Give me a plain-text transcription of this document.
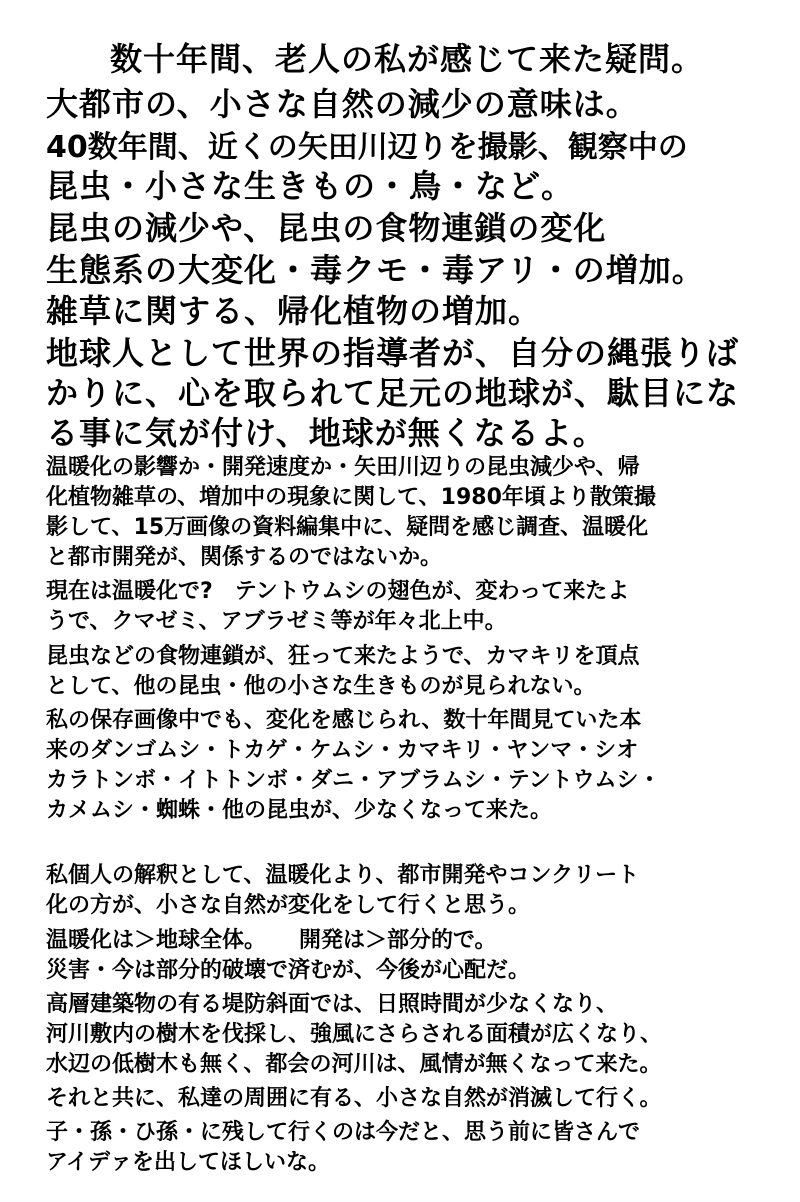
数十年間、老人の私が感じて来た疑問。
大都市の、小さな自然の減少の意味は。
40数年間、近くの矢田川辺りを撮影、観察中の
昆虫・小さな生きもの・鳥・など。
昆虫の減少や、昆虫の食物連鎖の変化
生態系の大変化・毒クモ・毒アリ・の増加。
雑草に関する、帰化植物の増加。
地球人として世界の指導者が、自分の縄張りば
かりに、心を取られて足元の地球が、駄目にな
る事に気が付け、地球が無くなるよ。
温暖化の影響か・開発速度か・矢田川辺りの昆虫減少や、帰
化植物雑草の、増加中の現象に関して、1980年頃より散策撮
影して、15万画像の資料編集中に、疑問を感じ調査、温暖化
と都市開発が、関係するのではないか。
現在は温暖化で?　テントウムシの翅色が、変わって来たよ
うで、クマゼミ、アブラゼミ等が年々北上中。
昆虫などの食物連鎖が、狂って来たようで、カマキリを頂点
として、他の昆虫・他の小さな生きものが見られない。
私の保存画像中でも、変化を感じられ、数十年間見ていた本
来のダンゴムシ・トカゲ・ケムシ・カマキリ・ヤンマ・シオ
カラトンボ・イトトンボ・ダニ・アブラムシ・テントウムシ・
カメムシ・蜘蛛・他の昆虫が、少なくなって来た。
私個人の解釈として、温暖化より、都市開発やコンクリート
化の方が、小さな自然が変化をして行くと思う。
温暖化は＞地球全体。　　開発は＞部分的で。
災害・今は部分的破壊で済むが、今後が心配だ。
高層建築物の有る堤防斜面では、日照時間が少なくなり、
河川敷内の樹木を伐採し、強風にさらされる面積が広くなり、
水辺の低樹木も無く、都会の河川は、風情が無くなって来た。
それと共に、私達の周囲に有る、小さな自然が消滅して行く。
子・孫・ひ孫・に残して行くのは今だと、思う前に皆さんで
アイデァを出してほしいな。
